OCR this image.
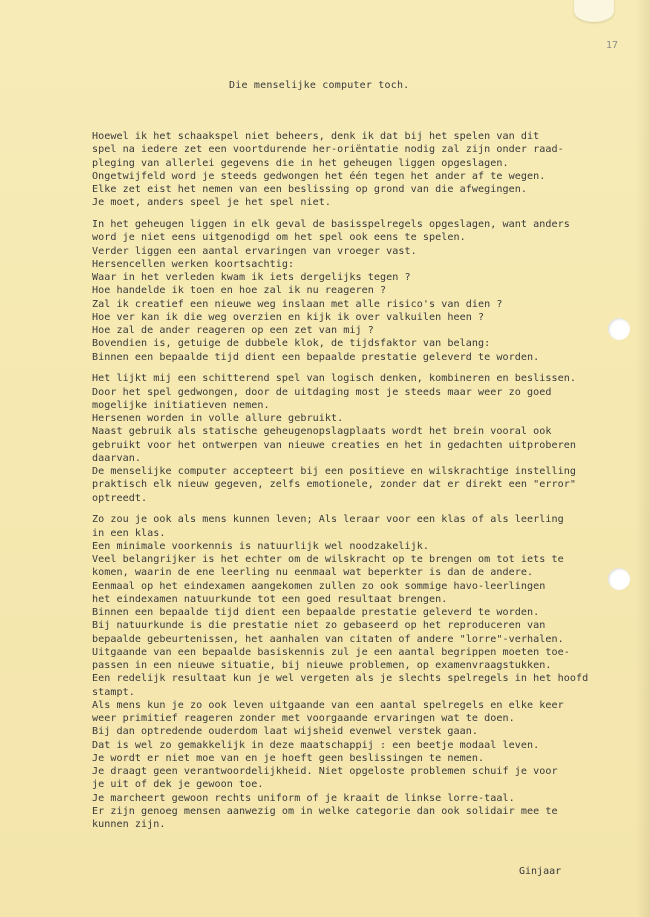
17
Die menselijke computer toch.
Hoewel ik het schaakspel niet beheers, denk ik dat bij het spelen van dit
spel na iedere zet een voortdurende her-oriëntatie nodig zal zijn onder raad-
pleging van allerlei gegevens die in het geheugen liggen opgeslagen.
Ongetwijfeld word je steeds gedwongen het één tegen het ander af te wegen.
Elke zet eist het nemen van een beslissing op grond van die afwegingen.
Je moet, anders speel je het spel niet.
In het geheugen liggen in elk geval de basisspelregels opgeslagen, want anders
word je niet eens uitgenodigd om het spel ook eens te spelen.
Verder liggen een aantal ervaringen van vroeger vast.
Hersencellen werken koortsachtig:
Waar in het verleden kwam ik iets dergelijks tegen ?
Hoe handelde ik toen en hoe zal ik nu reageren ?
Zal ik creatief een nieuwe weg inslaan met alle risico's van dien ?
Hoe ver kan ik die weg overzien en kijk ik over valkuilen heen ?
Hoe zal de ander reageren op een zet van mij ?
Bovendien is, getuige de dubbele klok, de tijdsfaktor van belang:
Binnen een bepaalde tijd dient een bepaalde prestatie geleverd te worden.
Het lijkt mij een schitterend spel van logisch denken, kombineren en beslissen.
Door het spel gedwongen, door de uitdaging most je steeds maar weer zo goed
mogelijke initiatieven nemen.
Hersenen worden in volle allure gebruikt.
Naast gebruik als statische geheugenopslagplaats wordt het brein vooral ook
gebruikt voor het ontwerpen van nieuwe creaties en het in gedachten uitproberen
daarvan.
De menselijke computer accepteert bij een positieve en wilskrachtige instelling
praktisch elk nieuw gegeven, zelfs emotionele, zonder dat er direkt een "error"
optreedt.
Zo zou je ook als mens kunnen leven; Als leraar voor een klas of als leerling
in een klas.
Een minimale voorkennis is natuurlijk wel noodzakelijk.
Veel belangrijker is het echter om de wilskracht op te brengen om tot iets te
komen, waarin de ene leerling nu eenmaal wat beperkter is dan de andere.
Eenmaal op het eindexamen aangekomen zullen zo ook sommige havo-leerlingen
het eindexamen natuurkunde tot een goed resultaat brengen.
Binnen een bepaalde tijd dient een bepaalde prestatie geleverd te worden.
Bij natuurkunde is die prestatie niet zo gebaseerd op het reproduceren van
bepaalde gebeurtenissen, het aanhalen van citaten of andere "lorre"-verhalen.
Uitgaande van een bepaalde basiskennis zul je een aantal begrippen moeten toe-
passen in een nieuwe situatie, bij nieuwe problemen, op examenvraagstukken.
Een redelijk resultaat kun je wel vergeten als je slechts spelregels in het hoofd
stampt.
Als mens kun je zo ook leven uitgaande van een aantal spelregels en elke keer
weer primitief reageren zonder met voorgaande ervaringen wat te doen.
Bij dan optredende ouderdom laat wijsheid evenwel verstek gaan.
Dat is wel zo gemakkelijk in deze maatschappij : een beetje modaal leven.
Je wordt er niet moe van en je hoeft geen beslissingen te nemen.
Je draagt geen verantwoordelijkheid. Niet opgeloste problemen schuif je voor
je uit of dek je gewoon toe.
Je marcheert gewoon rechts uniform of je kraait de linkse lorre-taal.
Er zijn genoeg mensen aanwezig om in welke categorie dan ook solidair mee te
kunnen zijn.
Ginjaar
